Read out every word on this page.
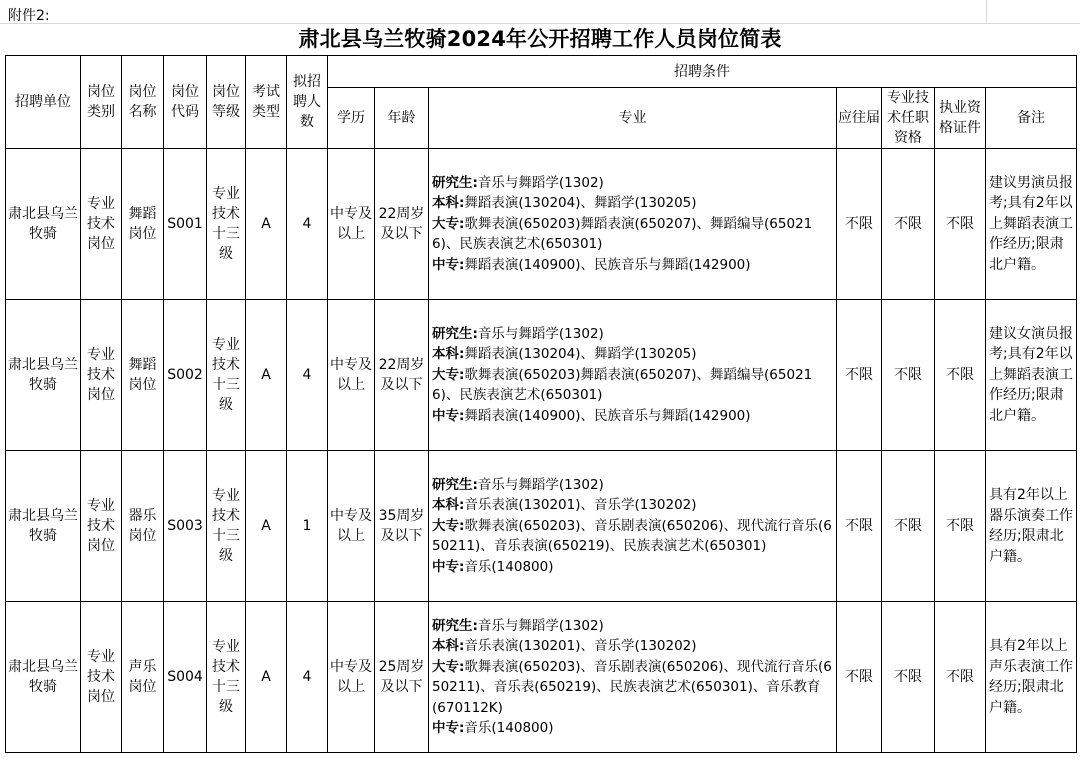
附件2:
肃北县乌兰牧骑2024年公开招聘工作人员岗位简表
招聘单位	岗位类别	岗位名称	岗位代码	岗位等级	考试类型	拟招聘人数	招聘条件						
							学历	年龄	专业	应往届	专业技术任职资格	执业资格证件	备注
肃北县乌兰牧骑	专业技术岗位	舞蹈岗位	S001	专业技术十三级	A	4	中专及以上	22周岁及以下	研究生:音乐与舞蹈学(1302)
本科:舞蹈表演(130204)、舞蹈学(130205)
大专:歌舞表演(650203)舞蹈表演(650207)、舞蹈编导(650216)、民族表演艺术(650301)
中专:舞蹈表演(140900)、民族音乐与舞蹈(142900)	不限	不限	不限	建议男演员报考;具有2年以上舞蹈表演工作经历;限肃北户籍。
肃北县乌兰牧骑	专业技术岗位	舞蹈岗位	S002	专业技术十三级	A	4	中专及以上	22周岁及以下	研究生:音乐与舞蹈学(1302)
本科:舞蹈表演(130204)、舞蹈学(130205)
大专:歌舞表演(650203)舞蹈表演(650207)、舞蹈编导(650216)、民族表演艺术(650301)
中专:舞蹈表演(140900)、民族音乐与舞蹈(142900)	不限	不限	不限	建议女演员报考;具有2年以上舞蹈表演工作经历;限肃北户籍。
肃北县乌兰牧骑	专业技术岗位	器乐岗位	S003	专业技术十三级	A	1	中专及以上	35周岁及以下	研究生:音乐与舞蹈学(1302)
本科:音乐表演(130201)、音乐学(130202)
大专:歌舞表演(650203)、音乐剧表演(650206)、现代流行音乐(650211)、音乐表演(650219)、民族表演艺术(650301)
中专:音乐(140800)	不限	不限	不限	具有2年以上器乐演奏工作经历;限肃北户籍。
肃北县乌兰牧骑	专业技术岗位	声乐岗位	S004	专业技术十三级	A	4	中专及以上	25周岁及以下	研究生:音乐与舞蹈学(1302)
本科:音乐表演(130201)、音乐学(130202)
大专:歌舞表演(650203)、音乐剧表演(650206)、现代流行音乐(650211)、音乐表(650219)、民族表演艺术(650301)、音乐教育(670112K)
中专:音乐(140800)	不限	不限	不限	具有2年以上声乐表演工作经历;限肃北户籍。
